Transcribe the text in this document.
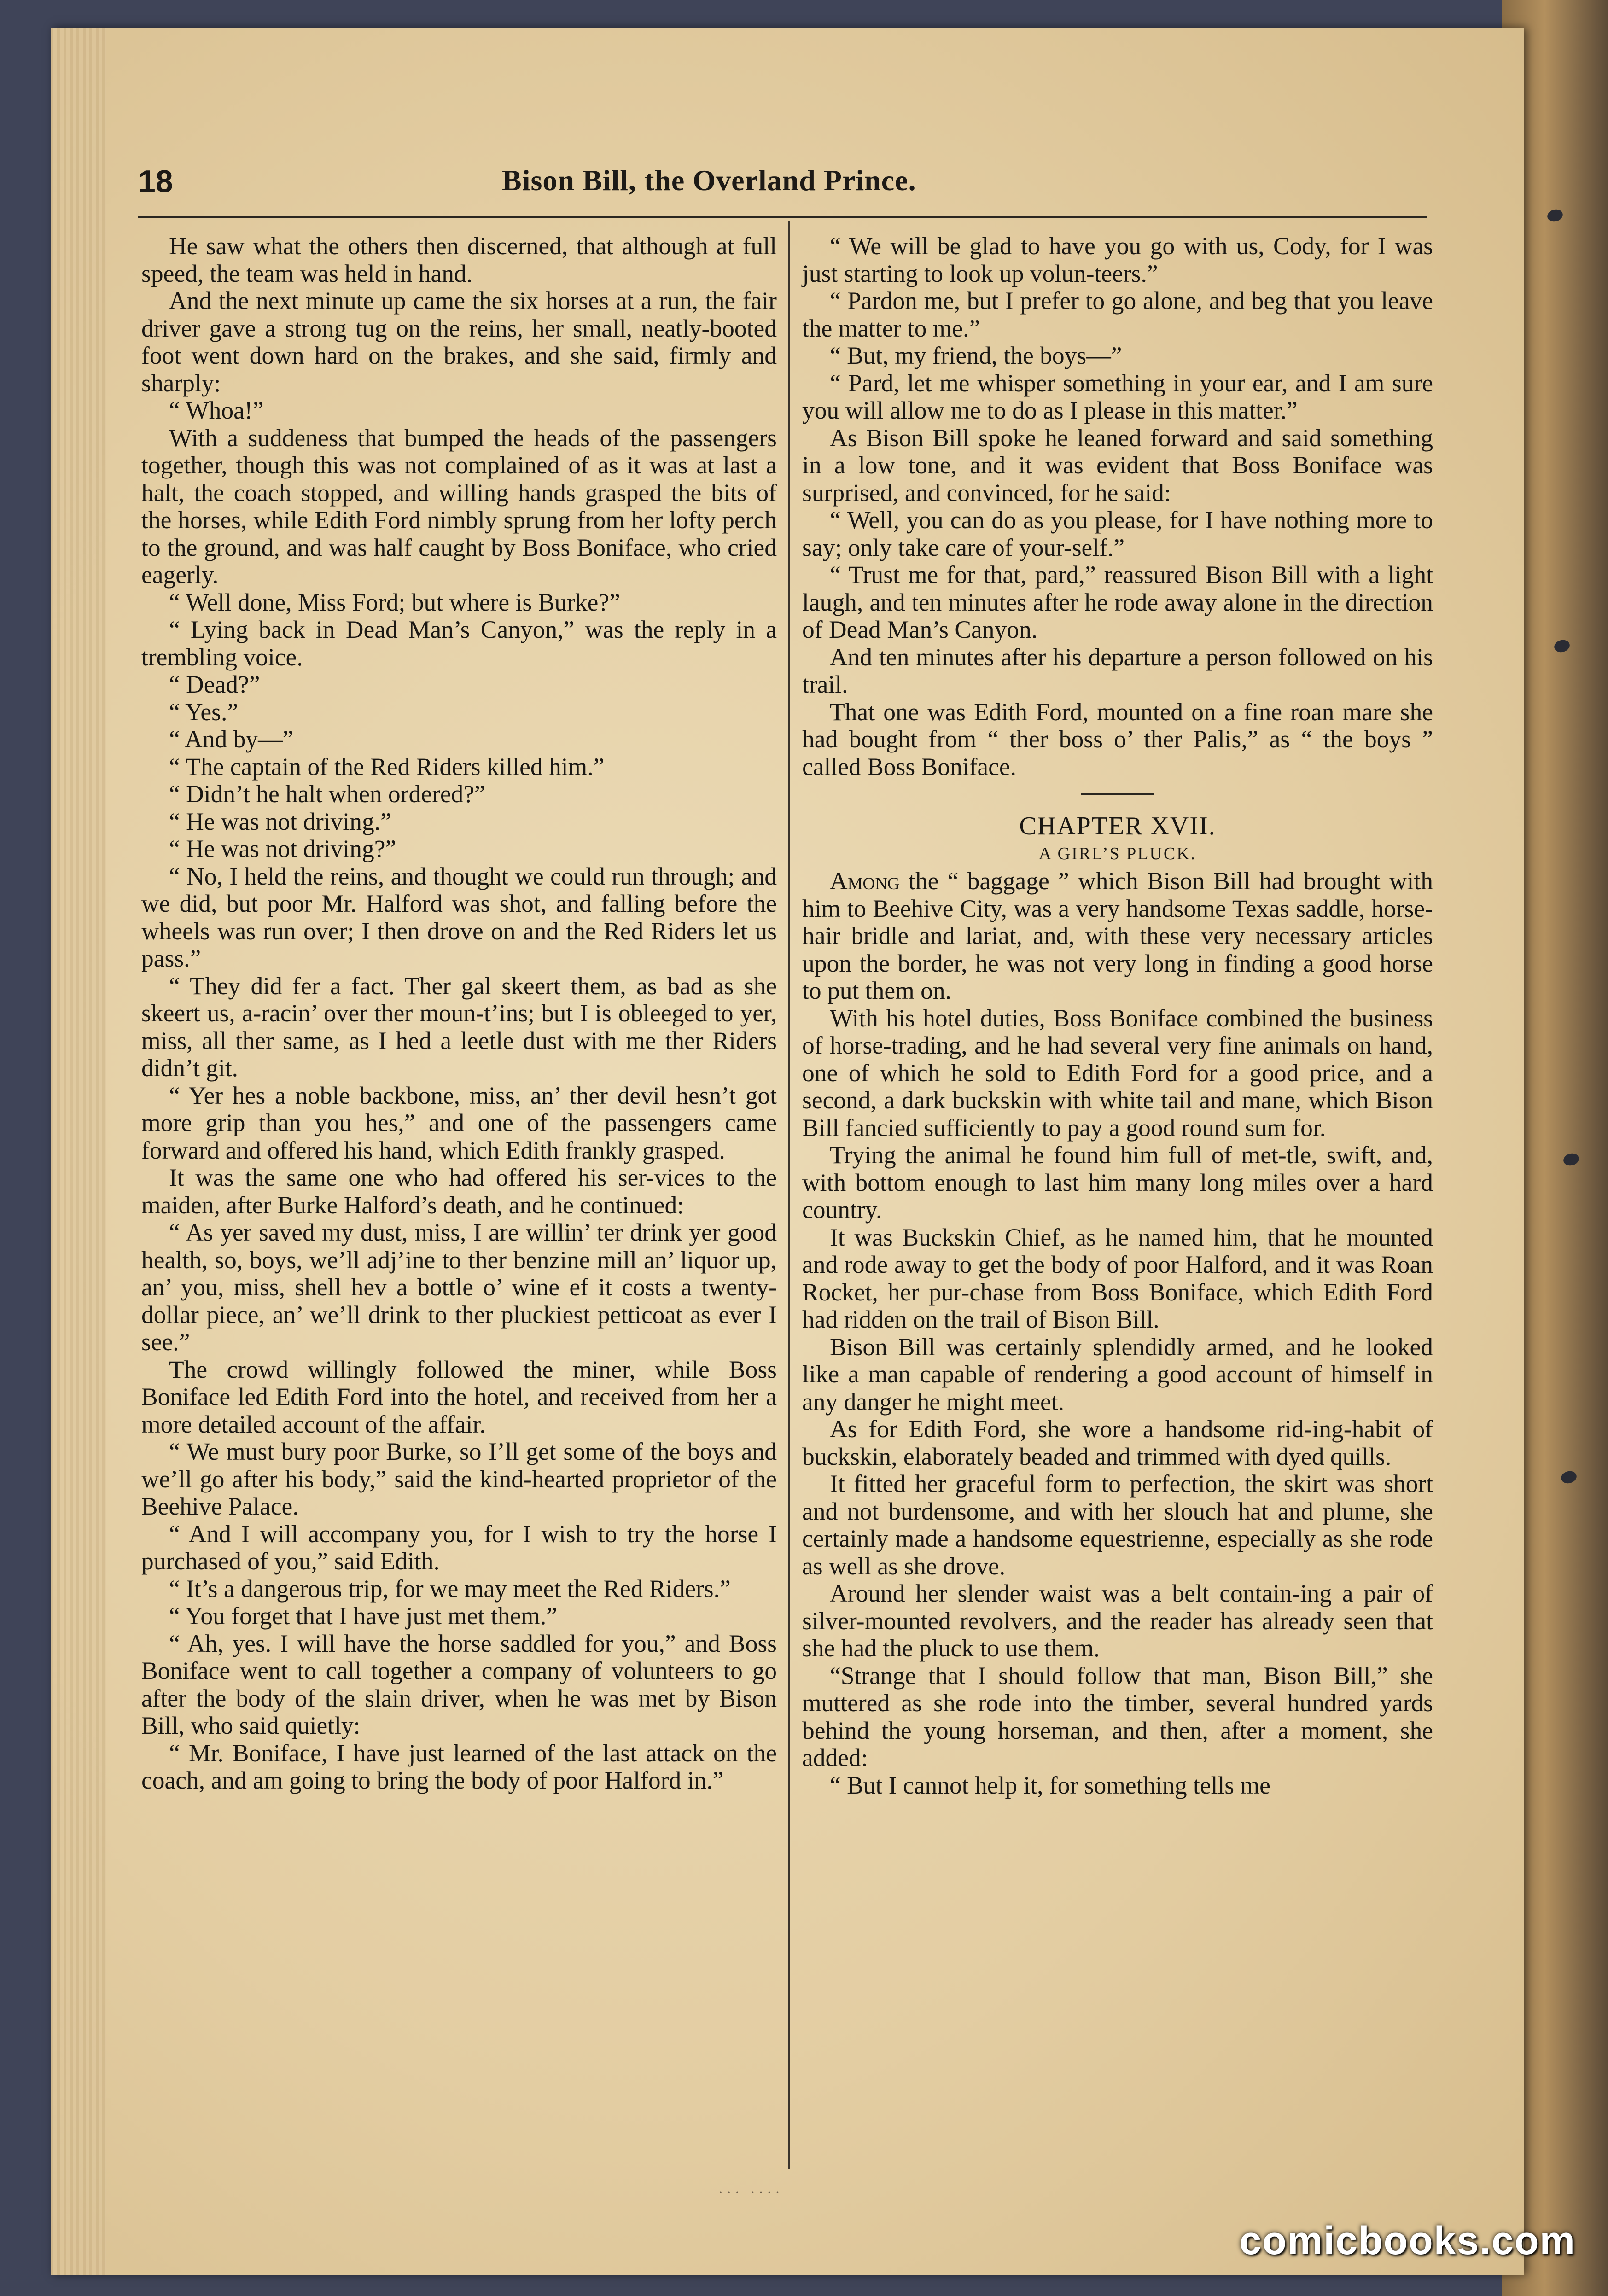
18	Bison Bill, the Overland Prince.

He saw what the others then discerned, that although at full speed, the team was held in hand.

And the next minute up came the six horses at a run, the fair driver gave a strong tug on the reins, her small, neatly-booted foot went down hard on the brakes, and she said, firmly and sharply:

“ Whoa!”

With a suddeness that bumped the heads of the passengers together, though this was not complained of as it was at last a halt, the coach stopped, and willing hands grasped the bits of the horses, while Edith Ford nimbly sprung from her lofty perch to the ground, and was half caught by Boss Boniface, who cried eagerly.

“ Well done, Miss Ford; but where is Burke?”

“ Lying back in Dead Man’s Canyon,” was the reply in a trembling voice.

“ Dead?”

“ Yes.”

“ And by—”

“ The captain of the Red Riders killed him.”

“ Didn’t he halt when ordered?”

“ He was not driving.”

“ He was not driving?”

“ No, I held the reins, and thought we could run through; and we did, but poor Mr. Halford was shot, and falling before the wheels was run over; I then drove on and the Red Riders let us pass.”

“ They did fer a fact. Ther gal skeert them, as bad as she skeert us, a-racin’ over ther moun-t’ins; but I is obleeged to yer, miss, all ther same, as I hed a leetle dust with me ther Riders didn’t git.

“ Yer hes a noble backbone, miss, an’ ther devil hesn’t got more grip than you hes,” and one of the passengers came forward and offered his hand, which Edith frankly grasped.

It was the same one who had offered his ser-vices to the maiden, after Burke Halford’s death, and he continued:

“ As yer saved my dust, miss, I are willin’ ter drink yer good health, so, boys, we’ll adj’ine to ther benzine mill an’ liquor up, an’ you, miss, shell hev a bottle o’ wine ef it costs a twenty-dollar piece, an’ we’ll drink to ther pluckiest petticoat as ever I see.”

The crowd willingly followed the miner, while Boss Boniface led Edith Ford into the hotel, and received from her a more detailed account of the affair.

“ We must bury poor Burke, so I’ll get some of the boys and we’ll go after his body,” said the kind-hearted proprietor of the Beehive Palace.

“ And I will accompany you, for I wish to try the horse I purchased of you,” said Edith.

“ It’s a dangerous trip, for we may meet the Red Riders.”

“ You forget that I have just met them.”

“ Ah, yes. I will have the horse saddled for you,” and Boss Boniface went to call together a company of volunteers to go after the body of the slain driver, when he was met by Bison Bill, who said quietly:

“ Mr. Boniface, I have just learned of the last attack on the coach, and am going to bring the body of poor Halford in.”

“ We will be glad to have you go with us, Cody, for I was just starting to look up volun-teers.”

“ Pardon me, but I prefer to go alone, and beg that you leave the matter to me.”

“ But, my friend, the boys—”

“ Pard, let me whisper something in your ear, and I am sure you will allow me to do as I please in this matter.”

As Bison Bill spoke he leaned forward and said something in a low tone, and it was evident that Boss Boniface was surprised, and convinced, for he said:

“ Well, you can do as you please, for I have nothing more to say; only take care of your-self.”

“ Trust me for that, pard,” reassured Bison Bill with a light laugh, and ten minutes after he rode away alone in the direction of Dead Man’s Canyon.

And ten minutes after his departure a person followed on his trail.

That one was Edith Ford, mounted on a fine roan mare she had bought from “ ther boss o’ ther Palis,” as “ the boys ” called Boss Boniface.

CHAPTER XVII.

A GIRL’S PLUCK.

Among the “ baggage ” which Bison Bill had brought with him to Beehive City, was a very handsome Texas saddle, horse-hair bridle and lariat, and, with these very necessary articles upon the border, he was not very long in finding a good horse to put them on.

With his hotel duties, Boss Boniface combined the business of horse-trading, and he had several very fine animals on hand, one of which he sold to Edith Ford for a good price, and a second, a dark buckskin with white tail and mane, which Bison Bill fancied sufficiently to pay a good round sum for.

Trying the animal he found him full of met-tle, swift, and, with bottom enough to last him many long miles over a hard country.

It was Buckskin Chief, as he named him, that he mounted and rode away to get the body of poor Halford, and it was Roan Rocket, her pur-chase from Boss Boniface, which Edith Ford had ridden on the trail of Bison Bill.

Bison Bill was certainly splendidly armed, and he looked like a man capable of rendering a good account of himself in any danger he might meet.

As for Edith Ford, she wore a handsome rid-ing-habit of buckskin, elaborately beaded and trimmed with dyed quills.

It fitted her graceful form to perfection, the skirt was short and not burdensome, and with her slouch hat and plume, she certainly made a handsome equestrienne, especially as she rode as well as she drove.

Around her slender waist was a belt contain-ing a pair of silver-mounted revolvers, and the reader has already seen that she had the pluck to use them.

“Strange that I should follow that man, Bison Bill,” she muttered as she rode into the timber, several hundred yards behind the young horseman, and then, after a moment, she added:

“ But I cannot help it, for something tells me

··· ····
comicbooks.com
